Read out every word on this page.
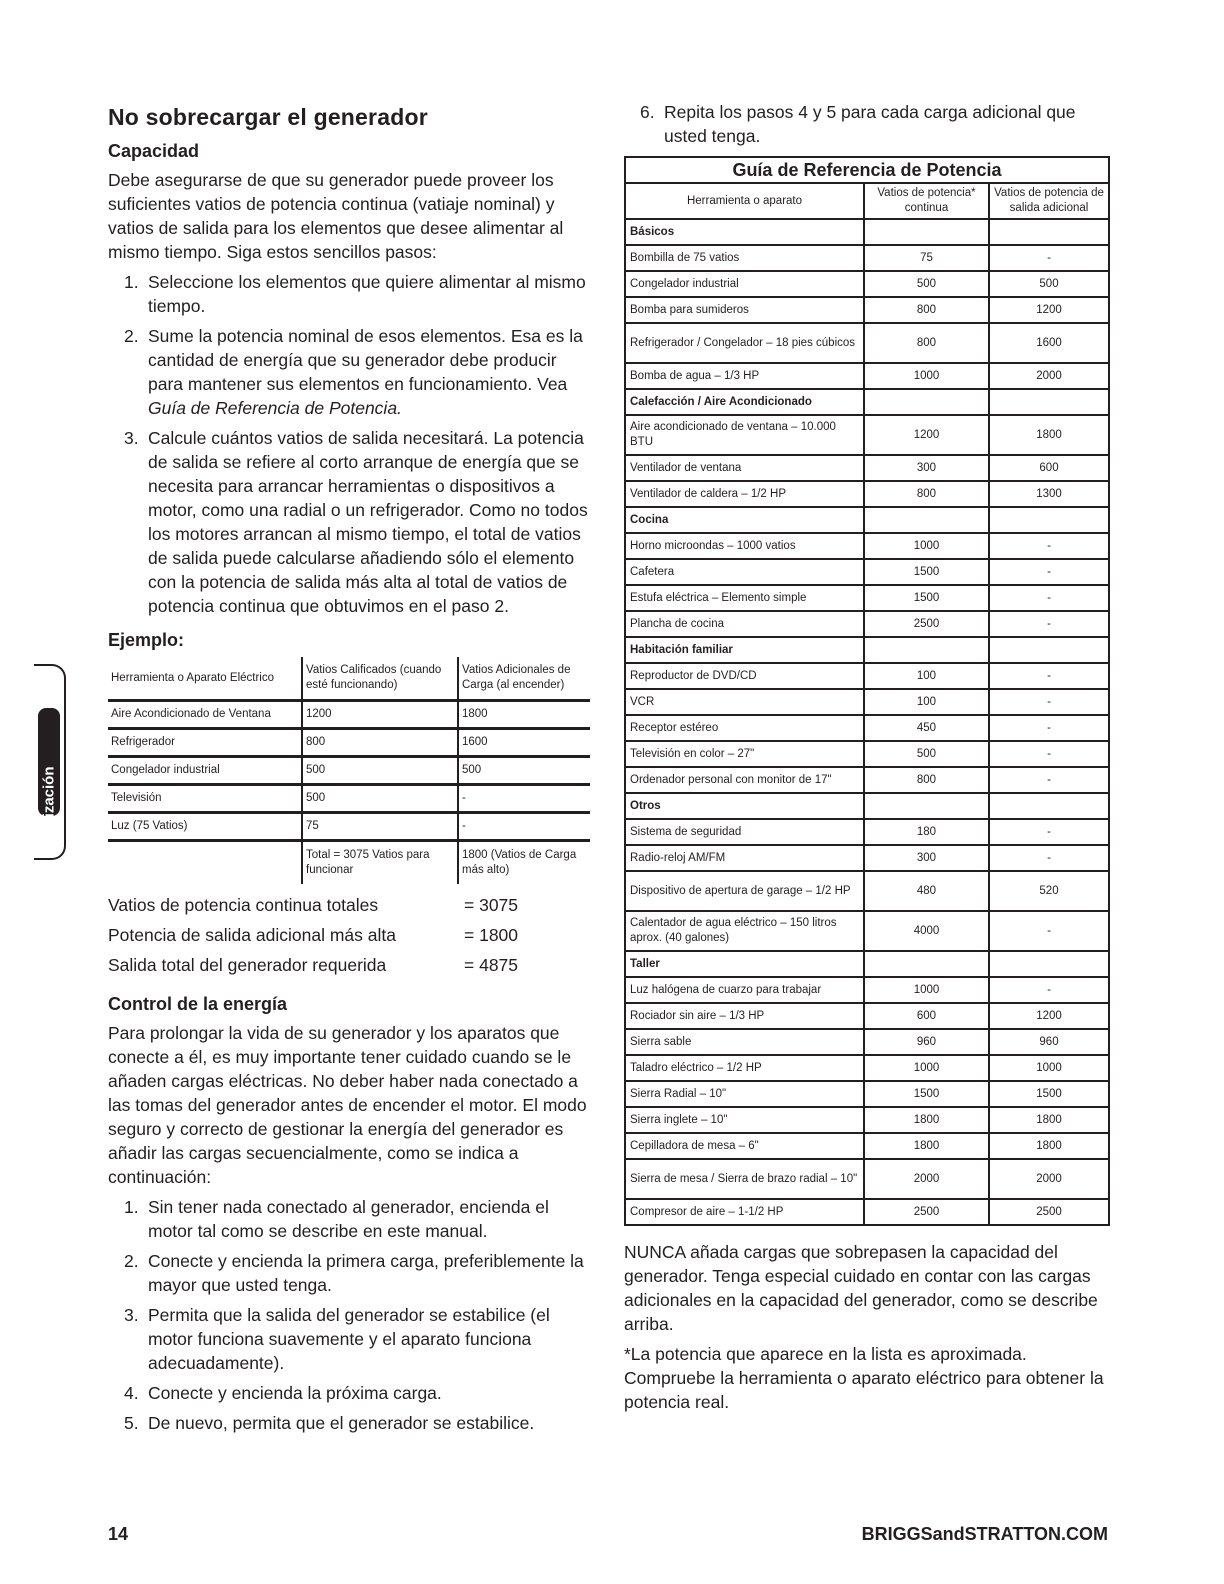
Utilización
No sobrecargar el generador
Capacidad

Debe asegurarse de que su generador puede proveer los suficientes vatios de potencia continua (vatiaje nominal) y vatios de salida para los elementos que desee alimentar al mismo tiempo. Siga estos sencillos pasos:

1. Seleccione los elementos que quiere alimentar al mismo tiempo.
2. Sume la potencia nominal de esos elementos. Esa es la cantidad de energía que su generador debe producir para mantener sus elementos en funcionamiento. Vea Guía de Referencia de Potencia.
3. Calcule cuántos vatios de salida necesitará. La potencia de salida se refiere al corto arranque de energía que se necesita para arrancar herramientas o dispositivos a motor, como una radial o un refrigerador. Como no todos los motores arrancan al mismo tiempo, el total de vatios de salida puede calcularse añadiendo sólo el elemento con la potencia de salida más alta al total de vatios de potencia continua que obtuvimos en el paso 2.
Ejemplo:
Herramienta o Aparato Eléctrico	Vatios Calificados (cuando esté funcionando)	Vatios Adicionales de Carga (al encender)
Aire Acondicionado de Ventana	1200	1800
Refrigerador	800	1600
Congelador industrial	500	500
Televisión	500	-
Luz (75 Vatios)	75	-
	Total = 3075 Vatios para funcionar	1800 (Vatios de Carga más alto)
Vatios de potencia continua totales	= 3075
Potencia de salida adicional más alta	= 1800
Salida total del generador requerida	= 4875
Control de la energía

Para prolongar la vida de su generador y los aparatos que conecte a él, es muy importante tener cuidado cuando se le añaden cargas eléctricas. No deber haber nada conectado a las tomas del generador antes de encender el motor. El modo seguro y correcto de gestionar la energía del generador es añadir las cargas secuencialmente, como se indica a continuación:

1. Sin tener nada conectado al generador, encienda el motor tal como se describe en este manual.
2. Conecte y encienda la primera carga, preferiblemente la mayor que usted tenga.
3. Permita que la salida del generador se estabilice (el motor funciona suavemente y el aparato funciona adecuadamente).
4. Conecte y encienda la próxima carga.
5. De nuevo, permita que el generador se estabilice.
6. Repita los pasos 4 y 5 para cada carga adicional que usted tenga.
Guía de Referencia de Potencia
Herramienta o aparato	Vatios de potencia* continua	Vatios de potencia de salida adicional
Básicos		
Bombilla de 75 vatios	75	-
Congelador industrial	500	500
Bomba para sumideros	800	1200
Refrigerador / Congelador – 18 pies cúbicos	800	1600
Bomba de agua – 1/3 HP	1000	2000
Calefacción / Aire Acondicionado		
Aire acondicionado de ventana – 10.000 BTU	1200	1800
Ventilador de ventana	300	600
Ventilador de caldera – 1/2 HP	800	1300
Cocina		
Horno microondas – 1000 vatios	1000	-
Cafetera	1500	-
Estufa eléctrica – Elemento simple	1500	-
Plancha de cocina	2500	-
Habitación familiar		
Reproductor de DVD/CD	100	-
VCR	100	-
Receptor estéreo	450	-
Televisión en color – 27"	500	-
Ordenador personal con monitor de 17"	800	-
Otros		
Sistema de seguridad	180	-
Radio-reloj AM/FM	300	-
Dispositivo de apertura de garage – 1/2 HP	480	520
Calentador de agua eléctrico – 150 litros aprox. (40 galones)	4000	-
Taller		
Luz halógena de cuarzo para trabajar	1000	-
Rociador sin aire – 1/3 HP	600	1200
Sierra sable	960	960
Taladro eléctrico – 1/2 HP	1000	1000
Sierra Radial – 10"	1500	1500
Sierra inglete – 10"	1800	1800
Cepilladora de mesa – 6"	1800	1800
Sierra de mesa / Sierra de brazo radial – 10"	2000	2000
Compresor de aire – 1-1/2 HP	2500	2500

NUNCA añada cargas que sobrepasen la capacidad del generador. Tenga especial cuidado en contar con las cargas adicionales en la capacidad del generador, como se describe arriba.

*La potencia que aparece en la lista es aproximada. Compruebe la herramienta o aparato eléctrico para obtener la potencia real.

14	BRIGGSandSTRATTON.COM
